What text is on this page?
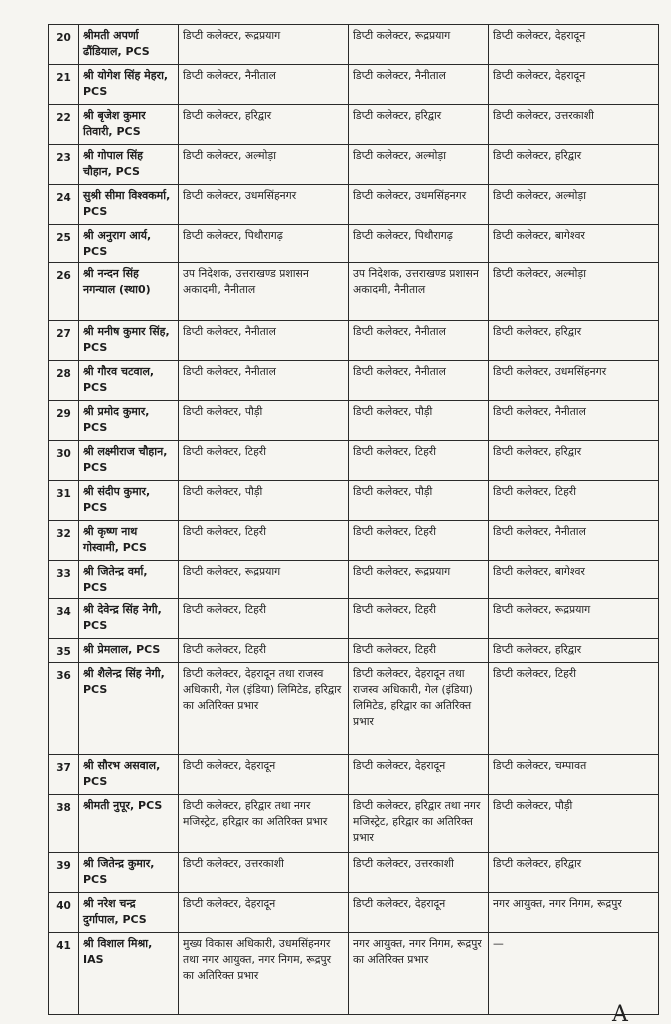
20	श्रीमती अपर्णा ढौंडियाल, PCS	डिप्टी कलेक्टर, रूद्रप्रयाग	डिप्टी कलेक्टर, रूद्रप्रयाग	डिप्टी कलेक्टर, देहरादून
21	श्री योगेश सिंह मेहरा, PCS	डिप्टी कलेक्टर, नैनीताल	डिप्टी कलेक्टर, नैनीताल	डिप्टी कलेक्टर, देहरादून
22	श्री बृजेश कुमार तिवारी, PCS	डिप्टी कलेक्टर, हरिद्वार	डिप्टी कलेक्टर, हरिद्वार	डिप्टी कलेक्टर, उत्तरकाशी
23	श्री गोपाल सिंह चौहान, PCS	डिप्टी कलेक्टर, अल्मोड़ा	डिप्टी कलेक्टर, अल्मोड़ा	डिप्टी कलेक्टर, हरिद्वार
24	सुश्री सीमा विश्वकर्मा, PCS	डिप्टी कलेक्टर, उधमसिंहनगर	डिप्टी कलेक्टर, उधमसिंहनगर	डिप्टी कलेक्टर, अल्मोड़ा
25	श्री अनुराग आर्य, PCS	डिप्टी कलेक्टर, पिथौरागढ़	डिप्टी कलेक्टर, पिथौरागढ़	डिप्टी कलेक्टर, बागेश्वर
26	श्री नन्दन सिंह नगन्याल (स्था0)	उप निदेशक, उत्तराखण्ड प्रशासन अकादमी, नैनीताल	उप निदेशक, उत्तराखण्ड प्रशासन अकादमी, नैनीताल	डिप्टी कलेक्टर, अल्मोड़ा
27	श्री मनीष कुमार सिंह, PCS	डिप्टी कलेक्टर, नैनीताल	डिप्टी कलेक्टर, नैनीताल	डिप्टी कलेक्टर, हरिद्वार
28	श्री गौरव चटवाल, PCS	डिप्टी कलेक्टर, नैनीताल	डिप्टी कलेक्टर, नैनीताल	डिप्टी कलेक्टर, उधमसिंहनगर
29	श्री प्रमोद कुमार, PCS	डिप्टी कलेक्टर, पौड़ी	डिप्टी कलेक्टर, पौड़ी	डिप्टी कलेक्टर, नैनीताल
30	श्री लक्ष्मीराज चौहान, PCS	डिप्टी कलेक्टर, टिहरी	डिप्टी कलेक्टर, टिहरी	डिप्टी कलेक्टर, हरिद्वार
31	श्री संदीप कुमार, PCS	डिप्टी कलेक्टर, पौड़ी	डिप्टी कलेक्टर, पौड़ी	डिप्टी कलेक्टर, टिहरी
32	श्री कृष्ण नाथ गोस्वामी, PCS	डिप्टी कलेक्टर, टिहरी	डिप्टी कलेक्टर, टिहरी	डिप्टी कलेक्टर, नैनीताल
33	श्री जितेन्द्र वर्मा, PCS	डिप्टी कलेक्टर, रूद्रप्रयाग	डिप्टी कलेक्टर, रूद्रप्रयाग	डिप्टी कलेक्टर, बागेश्वर
34	श्री देवेन्द्र सिंह नेगी, PCS	डिप्टी कलेक्टर, टिहरी	डिप्टी कलेक्टर, टिहरी	डिप्टी कलेक्टर, रूद्रप्रयाग
35	श्री प्रेमलाल, PCS	डिप्टी कलेक्टर, टिहरी	डिप्टी कलेक्टर, टिहरी	डिप्टी कलेक्टर, हरिद्वार
36	श्री शैलेन्द्र सिंह नेगी, PCS	डिप्टी कलेक्टर, देहरादून तथा राजस्व अधिकारी, गेल (इंडिया) लिमिटेड, हरिद्वार का अतिरिक्त प्रभार	डिप्टी कलेक्टर, देहरादून तथा राजस्व अधिकारी, गेल (इंडिया) लिमिटेड, हरिद्वार का अतिरिक्त प्रभार	डिप्टी कलेक्टर, टिहरी
37	श्री सौरभ असवाल, PCS	डिप्टी कलेक्टर, देहरादून	डिप्टी कलेक्टर, देहरादून	डिप्टी कलेक्टर, चम्पावत
38	श्रीमती नुपूर, PCS	डिप्टी कलेक्टर, हरिद्वार तथा नगर मजिस्ट्रेट, हरिद्वार का अतिरिक्त प्रभार	डिप्टी कलेक्टर, हरिद्वार तथा नगर मजिस्ट्रेट, हरिद्वार का अतिरिक्त प्रभार	डिप्टी कलेक्टर, पौड़ी
39	श्री जितेन्द्र कुमार, PCS	डिप्टी कलेक्टर, उत्तरकाशी	डिप्टी कलेक्टर, उत्तरकाशी	डिप्टी कलेक्टर, हरिद्वार
40	श्री नरेश चन्द्र दुर्गापाल, PCS	डिप्टी कलेक्टर, देहरादून	डिप्टी कलेक्टर, देहरादून	नगर आयुक्त, नगर निगम, रूद्रपुर
41	श्री विशाल मिश्रा, IAS	मुख्य विकास अधिकारी, उधमसिंहनगर तथा नगर आयुक्त, नगर निगम, रूद्रपुर का अतिरिक्त प्रभार	नगर आयुक्त, नगर निगम, रूद्रपुर का अतिरिक्त प्रभार	—
A
